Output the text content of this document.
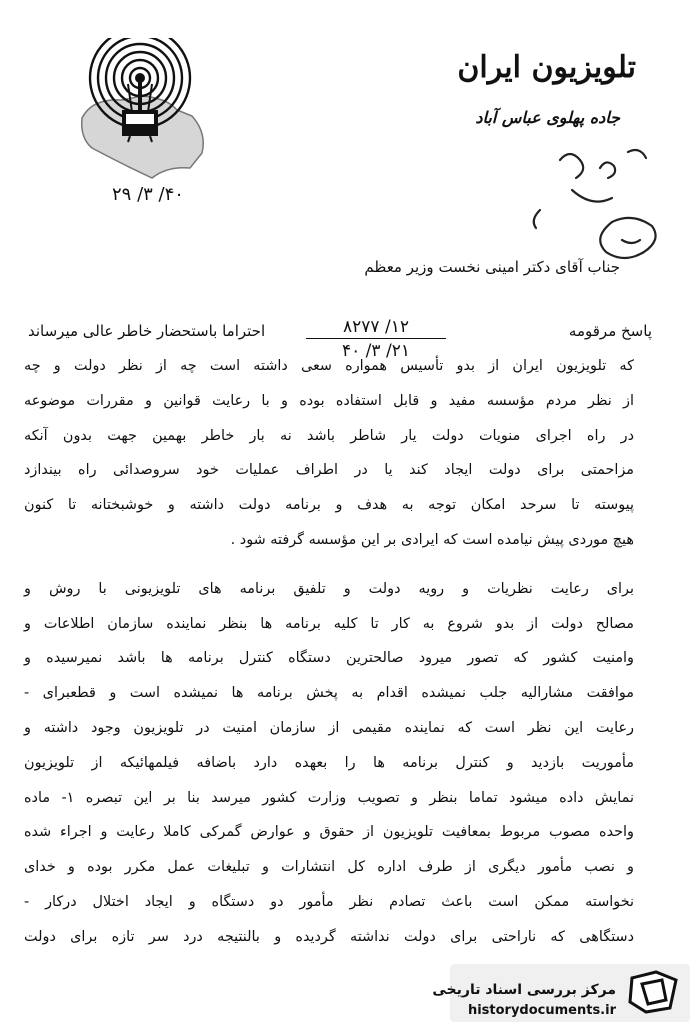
تلویزیون ایران
جاده پهلوی عباس آباد
۴۰/ ۳/ ۲۹
جناب آقای دکتر امینی نخست وزیر معظم
پاسخ مرقومه
۱۲/ ۸۲۷۷
۲۱/ ۳/ ۴۰
احتراما باستحضار خاطر عالی میرساند
که تلویزیون ایران از بدو تأسیس همواره سعی داشته است چه از نظر دولت و چه
از نظر مردم مؤسسه مفید و قابل استفاده بوده و با رعایت قوانین و مقررات موضوعه
در راه اجرای منویات دولت یار شاطر باشد نه بار خاطر بهمین جهت بدون آنکه
مزاحمتی برای دولت ایجاد کند یا در اطراف عملیات خود سروصدائی راه بیندازد
پیوسته تا سرحد امکان توجه به هدف و برنامه دولت داشته و خوشبختانه تا کنون
هیچ موردی پیش نیامده است که ایرادی بر این مؤسسه گرفته شود .
برای رعایت نظریات و رویه دولت و تلفیق برنامه های تلویزیونی با روش و
مصالح دولت از بدو شروع به کار تا کلیه برنامه ها بنظر نماینده سازمان اطلاعات و
وامنیت کشور که تصور میرود صالحترین دستگاه کنترل برنامه ها باشد نمیرسیده و
موافقت مشارالیه جلب نمیشده اقدام به پخش برنامه ها نمیشده است و قطعبرای -
رعایت این نظر است که نماینده مقیمی از سازمان امنیت در تلویزیون وجود داشته و
مأموریت بازدید و کنترل برنامه ها را بعهده دارد باضافه فیلمهائیکه از تلویزیون
نمایش داده میشود تماما بنظر و تصویب وزارت کشور میرسد بنا بر این تبصره ۱- ماده
واحده مصوب مربوط بمعافیت تلویزیون از حقوق و عوارض گمرکی کاملا رعایت و اجراء شده
و نصب مأمور دیگری از طرف اداره کل انتشارات و تبلیغات عمل مکرر بوده و خدای
نخواسته ممکن است باعث تصادم نظر مأمور دو دستگاه و ایجاد اختلال درکار -
دستگاهی که ناراحتی برای دولت نداشته گردیده و بالنتیجه درد سر تازه برای دولت
مرکز بررسی اسناد تاریخی
historydocuments.ir
